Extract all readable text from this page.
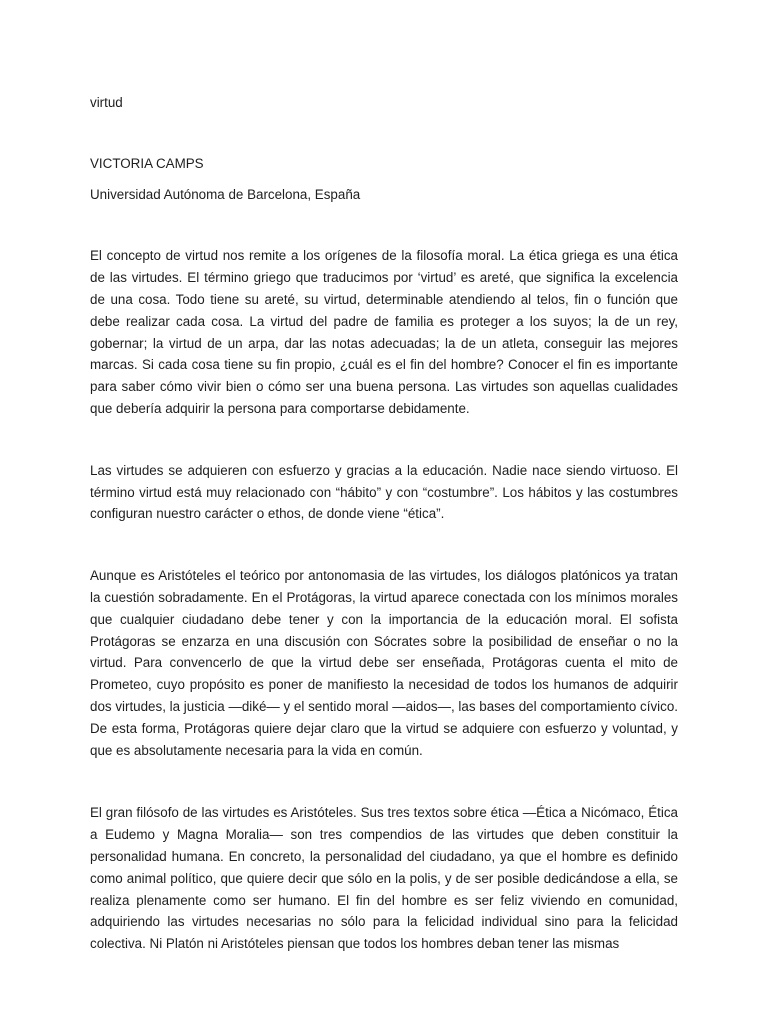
virtud

VICTORIA CAMPS

Universidad Autónoma de Barcelona, España

El concepto de virtud nos remite a los orígenes de la filosofía moral. La ética griega es una ética de las virtudes. El término griego que traducimos por ‘virtud’ es areté, que significa la excelencia de una cosa. Todo tiene su areté, su virtud, determinable atendiendo al telos, fin o función que debe realizar cada cosa. La virtud del padre de familia es proteger a los suyos; la de un rey, gobernar; la virtud de un arpa, dar las notas adecuadas; la de un atleta, conseguir las mejores marcas. Si cada cosa tiene su fin propio, ¿cuál es el fin del hombre? Conocer el fin es importante para saber cómo vivir bien o cómo ser una buena persona. Las virtudes son aquellas cualidades que debería adquirir la persona para comportarse debidamente.

Las virtudes se adquieren con esfuerzo y gracias a la educación. Nadie nace siendo virtuoso. El término virtud está muy relacionado con “hábito” y con “costumbre”. Los hábitos y las costumbres configuran nuestro carácter o ethos, de donde viene “ética”.

Aunque es Aristóteles el teórico por antonomasia de las virtudes, los diálogos platónicos ya tratan la cuestión sobradamente. En el Protágoras, la virtud aparece conectada con los mínimos morales que cualquier ciudadano debe tener y con la importancia de la educación moral. El sofista Protágoras se enzarza en una discusión con Sócrates sobre la posibilidad de enseñar o no la virtud. Para convencerlo de que la virtud debe ser enseñada, Protágoras cuenta el mito de Prometeo, cuyo propósito es poner de manifiesto la necesidad de todos los humanos de adquirir dos virtudes, la justicia —diké— y el sentido moral —aidos—, las bases del comportamiento cívico. De esta forma, Protágoras quiere dejar claro que la virtud se adquiere con esfuerzo y voluntad, y que es absolutamente necesaria para la vida en común.

El gran filósofo de las virtudes es Aristóteles. Sus tres textos sobre ética —Ética a Nicómaco, Ética a Eudemo y Magna Moralia— son tres compendios de las virtudes que deben constituir la personalidad humana. En concreto, la personalidad del ciudadano, ya que el hombre es definido como animal político, que quiere decir que sólo en la polis, y de ser posible dedicándose a ella, se realiza plenamente como ser humano. El fin del hombre es ser feliz viviendo en comunidad, adquiriendo las virtudes necesarias no sólo para la felicidad individual sino para la felicidad colectiva. Ni Platón ni Aristóteles piensan que todos los hombres deban tener las mismas
